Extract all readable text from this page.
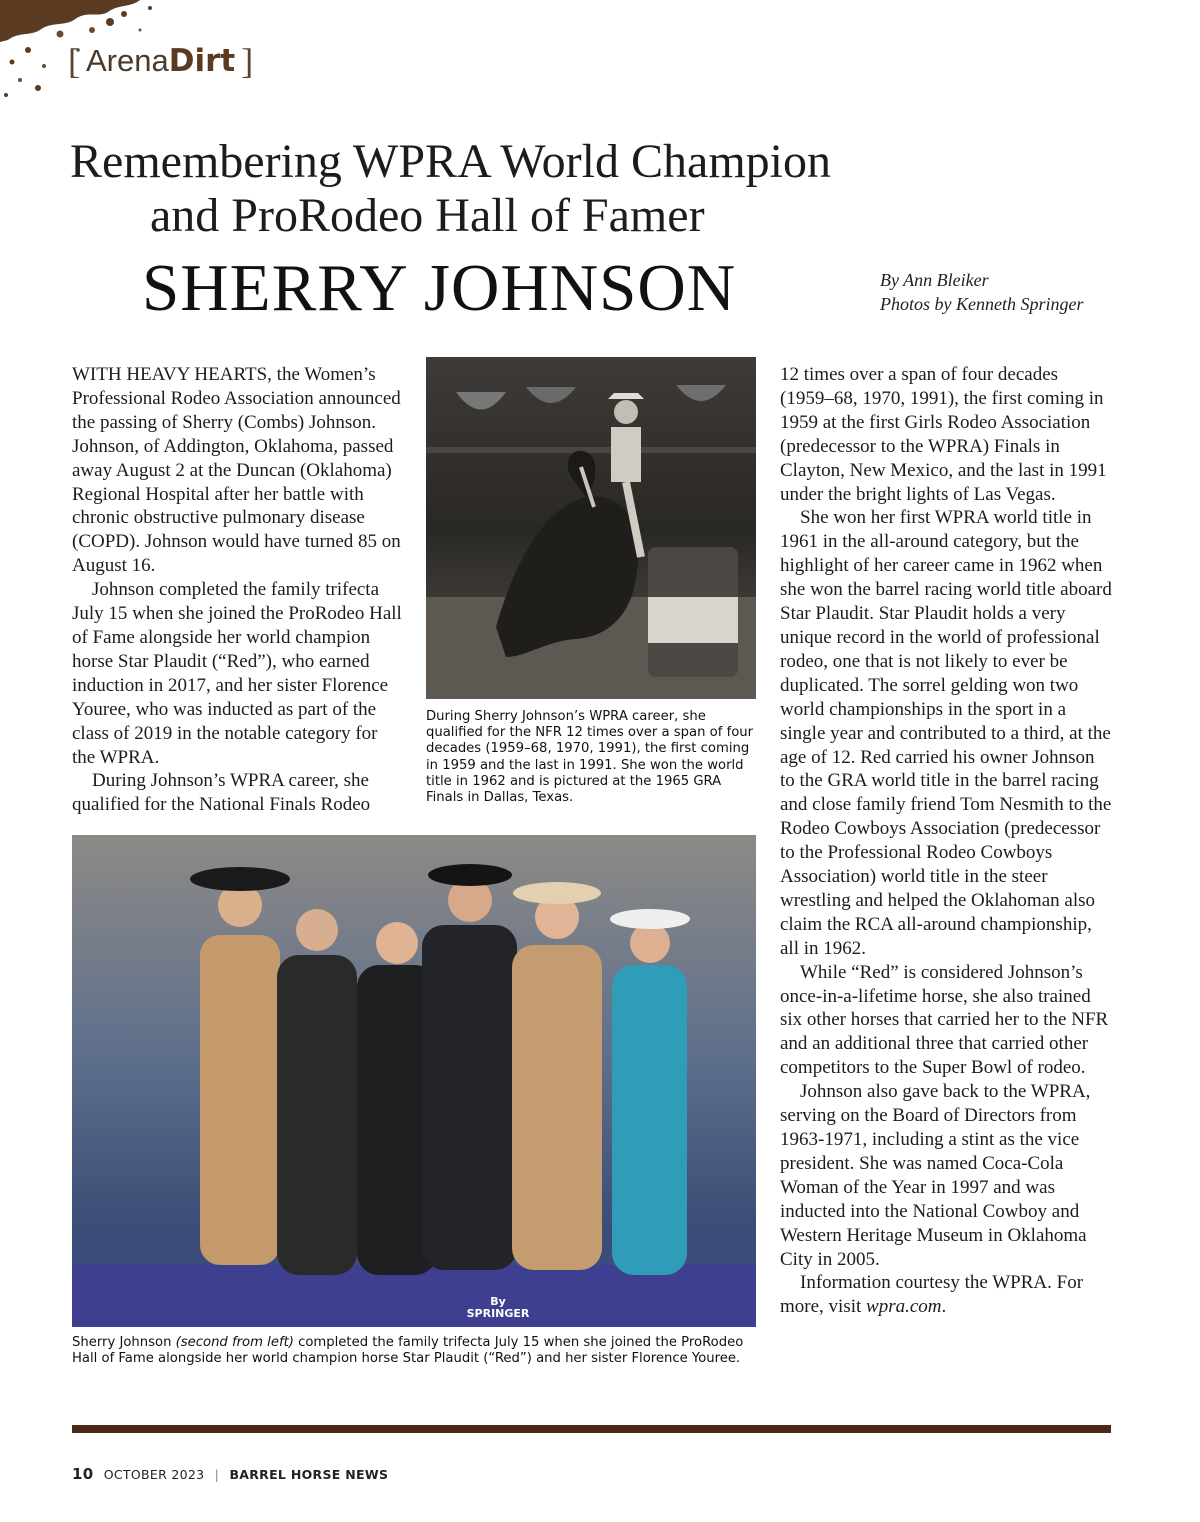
[ Arena Dirt ]
Remembering WPRA World Champion
and ProRodeo Hall of Famer
SHERRY JOHNSON	By Ann Bleiker
Photos by Kenneth Springer

WITH HEAVY HEARTS, the Women’s Professional Rodeo Association announced the passing of Sherry (Combs) Johnson. Johnson, of Addington, Oklahoma, passed away August 2 at the Duncan (Oklahoma) Regional Hospital after her battle with chronic obstructive pulmonary disease (COPD). Johnson would have turned 85 on August 16.

Johnson completed the family trifecta July 15 when she joined the ProRodeo Hall of Fame alongside her world champion horse Star Plaudit (“Red”), who earned induction in 2017, and her sister Florence Youree, who was inducted as part of the class of 2019 in the notable category for the WPRA.

During Johnson’s WPRA career, she qualified for the National Finals Rodeo

During Sherry Johnson’s WPRA career, she qualified for the NFR 12 times over a span of four decades (1959–68, 1970, 1991), the first coming in 1959 and the last in 1991. She won the world title in 1962 and is pictured at the 1965 GRA Finals in Dallas, Texas.
By
SPRINGER
Sherry Johnson (second from left) completed the family trifecta July 15 when she joined the ProRodeo Hall of Fame alongside her world champion horse Star Plaudit (“Red”) and her sister Florence Youree.

12 times over a span of four decades (1959–68, 1970, 1991), the first coming in 1959 at the first Girls Rodeo Association (predecessor to the WPRA) Finals in Clayton, New Mexico, and the last in 1991 under the bright lights of Las Vegas.

She won her first WPRA world title in 1961 in the all-around category, but the highlight of her career came in 1962 when she won the barrel racing world title aboard Star Plaudit. Star Plaudit holds a very unique record in the world of professional rodeo, one that is not likely to ever be duplicated. The sorrel gelding won two world championships in the sport in a single year and contributed to a third, at the age of 12. Red carried his owner Johnson to the GRA world title in the barrel racing and close family friend Tom Nesmith to the Rodeo Cowboys Association (predecessor to the Professional Rodeo Cowboys Association) world title in the steer wrestling and helped the Oklahoman also claim the RCA all-around championship, all in 1962.

While “Red” is considered Johnson’s once-in-a-lifetime horse, she also trained six other horses that carried her to the NFR and an additional three that carried other competitors to the Super Bowl of rodeo.

Johnson also gave back to the WPRA, serving on the Board of Directors from 1963-1971, including a stint as the vice president. She was named Coca-Cola Woman of the Year in 1997 and was inducted into the National Cowboy and Western Heritage Museum in Oklahoma City in 2005.

Information courtesy the WPRA. For more, visit wpra.com.

10 OCTOBER 2023 | BARREL HORSE NEWS
